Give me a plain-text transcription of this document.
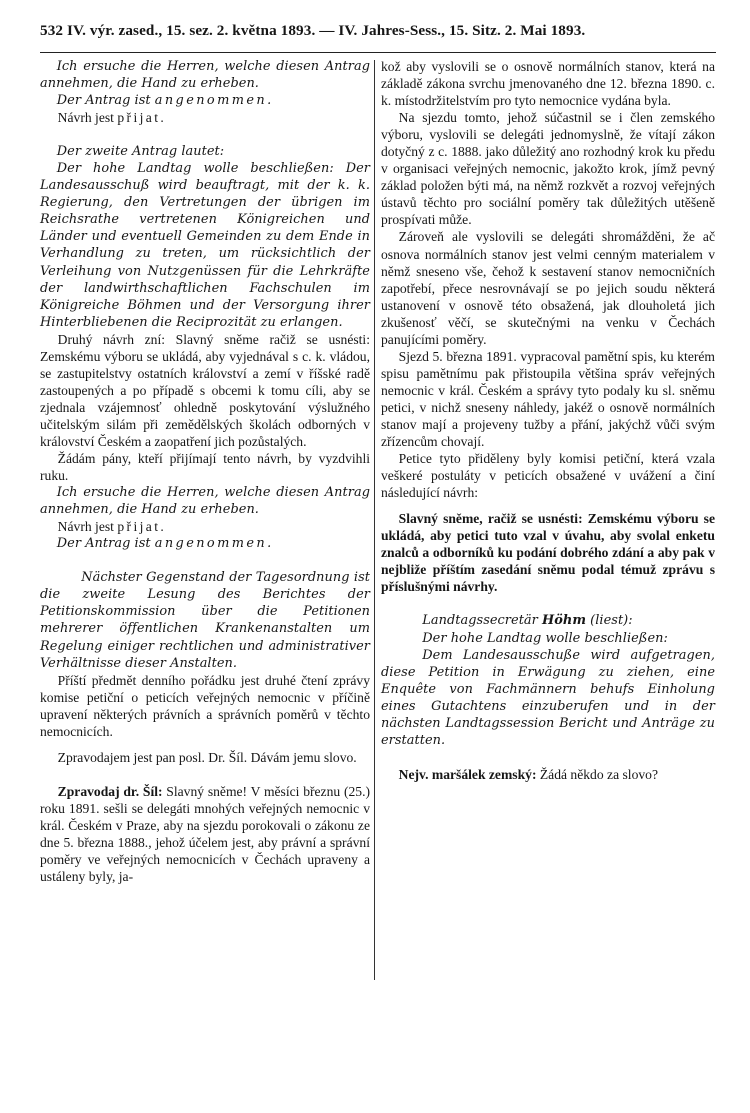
532 IV. výr. zased., 15. sez. 2. května 1893. — IV. Jahres-Sess., 15. Sitz. 2. Mai 1893.

Ich ersuche die Herren, welche diesen Antrag annehmen, die Hand zu erheben.

Der Antrag ist angenommen.

Návrh jest přijat.

Der zweite Antrag lautet:

Der hohe Landtag wolle beschließen: Der Landesausschuß wird beauftragt, mit der k. k. Regierung, den Vertretungen der übrigen im Reichsrathe vertretenen Königreichen und Länder und eventuell Gemeinden zu dem Ende in Verhandlung zu treten, um rücksichtlich der Verleihung von Nutzgenüssen für die Lehrkräfte der landwirthschaftlichen Fachschulen im Königreiche Böhmen und der Versorgung ihrer Hinterbliebenen die Reciprozität zu erlangen.

Druhý návrh zní: Slavný sněme račiž se usnésti: Zemskému výboru se ukládá, aby vyjednával s c. k. vládou, se zastupitelstvy ostatních království a zemí v říšské radě zastoupených a po případě s obcemi k tomu cíli, aby se zjednala vzájemnosť ohledně poskytování výslužného učitelským silám při zemědělských školách odborných v království Českém a zaopatření jich pozůstalých.

Žádám pány, kteří přijímají tento návrh, by vyzdvihli ruku.

Ich ersuche die Herren, welche diesen Antrag annehmen, die Hand zu erheben.

Návrh jest přijat.

Der Antrag ist angenommen.

Nächster Gegenstand der Tagesordnung ist die zweite Lesung des Berichtes der Petitionskommission über die Petitionen mehrerer öffentlichen Krankenanstalten um Regelung einiger rechtlichen und administrativer Verhältnisse dieser Anstalten.

Příští předmět denního pořádku jest druhé čtení zprávy komise petiční o peticích veřejných nemocnic v příčině upravení některých právních a správních poměrů v těchto nemocnicích.

Zpravodajem jest pan posl. Dr. Šíl. Dávám jemu slovo.

Zpravodaj dr. Šíl: Slavný sněme! V měsíci březnu (25.) roku 1891. sešli se delegáti mnohých veřejných nemocnic v král. Českém v Praze, aby na sjezdu porokovali o zákonu ze dne 5. března 1888., jehož účelem jest, aby právní a správní poměry ve veřejných nemocnicích v Čechách upraveny a ustáleny byly, ja-

kož aby vyslovili se o osnově normálních stanov, která na základě zákona svrchu jmenovaného dne 12. března 1890. c. k. místodržitelstvím pro tyto nemocnice vydána byla.

Na sjezdu tomto, jehož súčastnil se i člen zemského výboru, vyslovili se delegáti jednomyslně, že vítají zákon dotyčný z c. 1888. jako důležitý ano rozhodný krok ku předu v organisaci veřejných nemocnic, jakožto krok, jímž pevný základ položen býti má, na němž rozkvět a rozvoj veřejných ústavů těchto pro sociální poměry tak důležitých utěšeně prospívati může.

Zároveň ale vyslovili se delegáti shromážděni, že ač osnova normálních stanov jest velmi cenným materialem v němž sneseno vše, čehož k sestavení stanov nemocničních zapotřebí, přece nesrovnávají se po jejich soudu některá ustanovení v osnově této obsažená, jak dlouholetá jich zkušenosť věčí, se skutečnými na venku v Čechách panujícími poměry.

Sjezd 5. března 1891. vypracoval pamětní spis, ku kterém spisu pamětnímu pak přistoupila většina správ veřejných nemocnic v král. Českém a správy tyto podaly ku sl. sněmu petici, v nichž sneseny náhledy, jakéž o osnově normálních stanov mají a projeveny tužby a přání, jakýchž vůči svým zřízencům chovají.

Petice tyto přiděleny byly komisi petiční, která vzala veškeré postuláty v peticích obsažené v uvážení a činí následující návrh:

Slavný sněme, račiž se usnésti: Zemskému výboru se ukládá, aby petici tuto vzal v úvahu, aby svolal enketu znalců a odborníků ku podání dobrého zdání a aby pak v nejbliže příštím zasedání sněmu podal témuž zprávu s příslušnými návrhy.

Landtagssecretär Höhm (liest):

Der hohe Landtag wolle beschließen:

Dem Landesausschuße wird aufgetragen, diese Petition in Erwägung zu ziehen, eine Enquête von Fachmännern behufs Einholung eines Gutachtens einzuberufen und in der nächsten Landtagssession Bericht und Anträge zu erstatten.

Nejv. maršálek zemský: Žádá někdo za slovo?
